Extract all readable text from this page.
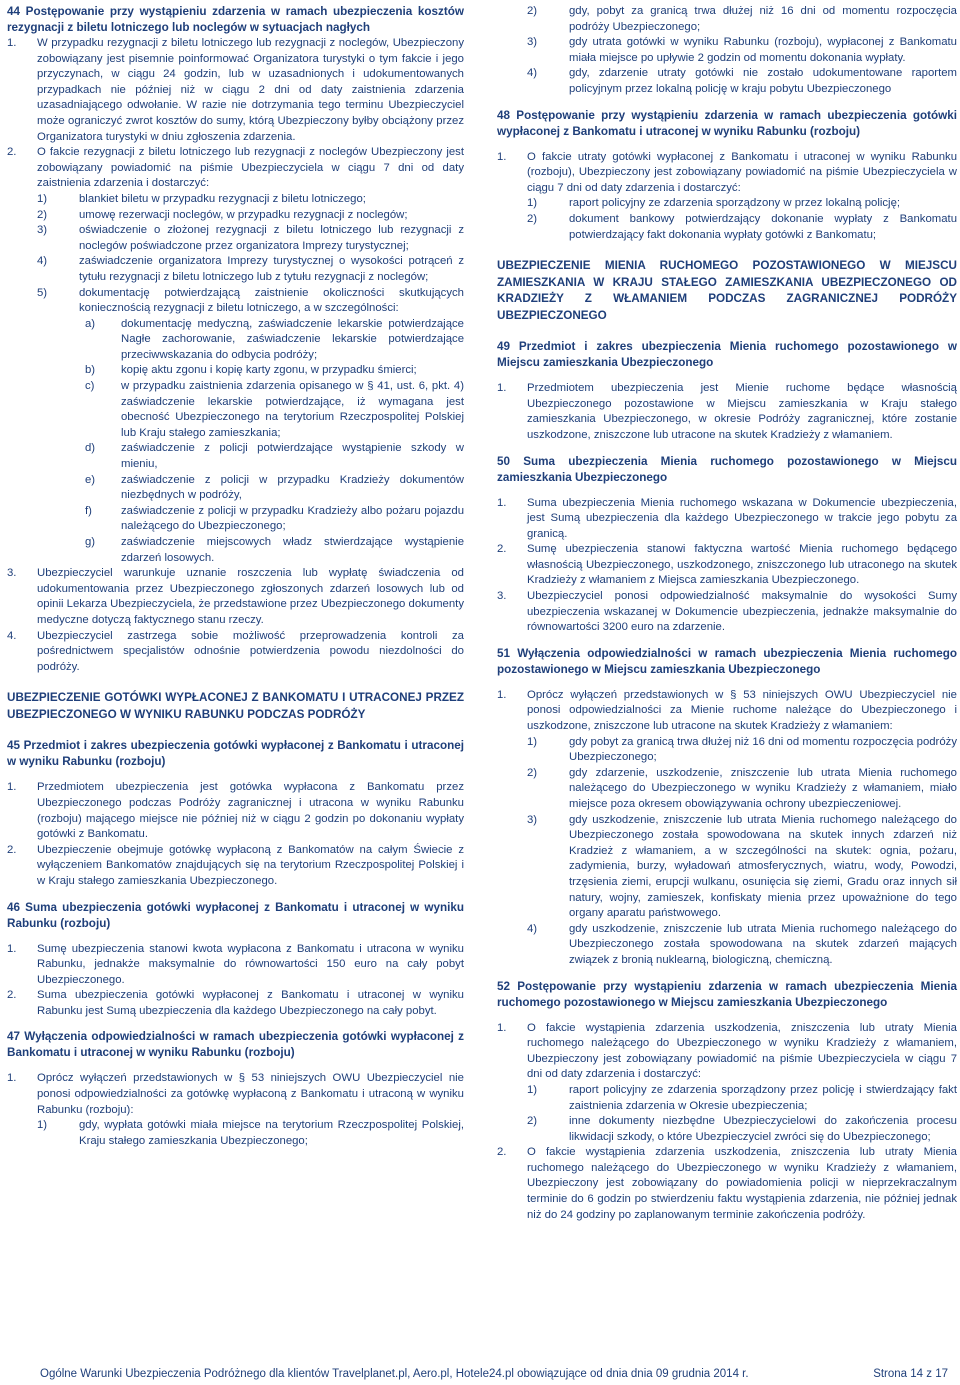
44 Postępowanie przy wystąpieniu zdarzenia w ramach ubezpieczenia kosztów rezygnacji z biletu lotniczego lub noclegów w sytuacjach nagłych

1.	W przypadku rezygnacji z biletu lotniczego lub rezygnacji z noclegów, Ubezpieczony zobowiązany jest pisemnie poinformować Organizatora turystyki o tym fakcie i jego przyczynach, w ciągu 24 godzin, lub w uzasadnionych i udokumentowanych przypadkach nie później niż w ciągu 2 dni od daty zaistnienia zdarzenia uzasadniającego odwołanie. W razie nie dotrzymania tego terminu Ubezpieczyciel może ograniczyć zwrot kosztów do sumy, którą Ubezpieczony byłby obciążony przez Organizatora turystyki w dniu zgłoszenia zdarzenia.
2.	O fakcie rezygnacji z biletu lotniczego lub rezygnacji z noclegów Ubezpieczony jest zobowiązany powiadomić na piśmie Ubezpieczyciela w ciągu 7 dni od daty zaistnienia zdarzenia i dostarczyć:
1)	blankiet biletu w przypadku rezygnacji z biletu lotniczego;
2)	umowę rezerwacji noclegów, w przypadku rezygnacji z noclegów;
3)	oświadczenie o złożonej rezygnacji z biletu lotniczego lub rezygnacji z noclegów poświadczone przez organizatora Imprezy turystycznej;
4)	zaświadczenie organizatora Imprezy turystycznej o wysokości potrąceń z tytułu rezygnacji z biletu lotniczego lub z tytułu rezygnacji z noclegów;
5)	dokumentację potwierdzającą zaistnienie okoliczności skutkujących koniecznością rezygnacji z biletu lotniczego, a w szczególności:
a)	dokumentację medyczną, zaświadczenie lekarskie potwierdzające Nagłe zachorowanie, zaświadczenie lekarskie potwierdzające przeciwwskazania do odbycia podróży;
b)	kopię aktu zgonu i kopię karty zgonu, w przypadku śmierci;
c)	w przypadku zaistnienia zdarzenia opisanego w § 41, ust. 6, pkt. 4) zaświadczenie lekarskie potwierdzające, iż wymagana jest obecność Ubezpieczonego na terytorium Rzeczpospolitej Polskiej lub Kraju stałego zamieszkania;
d)	zaświadczenie z policji potwierdzające wystąpienie szkody w mieniu,
e)	zaświadczenie z policji w przypadku Kradzieży dokumentów niezbędnych w podróży,
f)	zaświadczenie z policji w przypadku Kradzieży albo pożaru pojazdu należącego do Ubezpieczonego;
g)	zaświadczenie miejscowych władz stwierdzające wystąpienie zdarzeń losowych.
3.	Ubezpieczyciel warunkuje uznanie roszczenia lub wypłatę świadczenia od udokumentowania przez Ubezpieczonego zgłoszonych zdarzeń losowych lub od opinii Lekarza Ubezpieczyciela, że przedstawione przez Ubezpieczonego dokumenty medyczne dotyczą faktycznego stanu rzeczy.
4.	Ubezpieczyciel zastrzega sobie możliwość przeprowadzenia kontroli za pośrednictwem specjalistów odnośnie potwierdzenia powodu niezdolności do podróży.

UBEZPIECZENIE GOTÓWKI WYPŁACONEJ Z BANKOMATU I UTRACONEJ PRZEZ UBEZPIECZONEGO W WYNIKU RABUNKU PODCZAS PODRÓŻY

45 Przedmiot i zakres ubezpieczenia gotówki wypłaconej z Bankomatu i utraconej w wyniku Rabunku (rozboju)

1.	Przedmiotem ubezpieczenia jest gotówka wypłacona z Bankomatu przez Ubezpieczonego podczas Podróży zagranicznej i utracona w wyniku Rabunku (rozboju) mającego miejsce nie później niż w ciągu 2 godzin po dokonaniu wypłaty gotówki z Bankomatu.
2.	Ubezpieczenie obejmuje gotówkę wypłaconą z Bankomatów na całym Świecie z wyłączeniem Bankomatów znajdujących się na terytorium Rzeczpospolitej Polskiej i w Kraju stałego zamieszkania Ubezpieczonego.

46 Suma ubezpieczenia gotówki wypłaconej z Bankomatu i utraconej w wyniku Rabunku (rozboju)

1.	Sumę ubezpieczenia stanowi kwota wypłacona z Bankomatu i utracona w wyniku Rabunku, jednakże maksymalnie do równowartości 150 euro na cały pobyt Ubezpieczonego.
2.	Suma ubezpieczenia gotówki wypłaconej z Bankomatu i utraconej w wyniku Rabunku jest Sumą ubezpieczenia dla każdego Ubezpieczonego na cały pobyt.

47 Wyłączenia odpowiedzialności w ramach ubezpieczenia gotówki wypłaconej z Bankomatu i utraconej w wyniku Rabunku (rozboju)

1.	Oprócz wyłączeń przedstawionych w § 53 niniejszych OWU Ubezpieczyciel nie ponosi odpowiedzialności za gotówkę wypłaconą z Bankomatu i utraconą w wyniku Rabunku (rozboju):
1)	gdy, wypłata gotówki miała miejsce na terytorium Rzeczpospolitej Polskiej, Kraju stałego zamieszkania Ubezpieczonego;
2)	gdy, pobyt za granicą trwa dłużej niż 16 dni od momentu rozpoczęcia podróży Ubezpieczonego;
3)	gdy utrata gotówki w wyniku Rabunku (rozboju), wypłaconej z Bankomatu miała miejsce po upływie 2 godzin od momentu dokonania wypłaty.
4)	gdy, zdarzenie utraty gotówki nie zostało udokumentowane raportem policyjnym przez lokalną policję w kraju pobytu Ubezpieczonego

48 Postępowanie przy wystąpieniu zdarzenia w ramach ubezpieczenia gotówki wypłaconej z Bankomatu i utraconej w wyniku Rabunku (rozboju)

1.	O fakcie utraty gotówki wypłaconej z Bankomatu i utraconej w wyniku Rabunku (rozboju), Ubezpieczony jest zobowiązany powiadomić na piśmie Ubezpieczyciela w ciągu 7 dni od daty zdarzenia i dostarczyć:
1)	raport policyjny ze zdarzenia sporządzony w przez lokalną policję;
2)	dokument bankowy potwierdzający dokonanie wypłaty z Bankomatu potwierdzający fakt dokonania wypłaty gotówki z Bankomatu;

UBEZPIECZENIE MIENIA RUCHOMEGO POZOSTAWIONEGO W MIEJSCU ZAMIESZKANIA W KRAJU STAŁEGO ZAMIESZKANIA UBEZPIECZONEGO OD KRADZIEŻY Z WŁAMANIEM PODCZAS ZAGRANICZNEJ PODRÓŻY UBEZPIECZONEGO

49 Przedmiot i zakres ubezpieczenia Mienia ruchomego pozostawionego w Miejscu zamieszkania Ubezpieczonego

1.	Przedmiotem ubezpieczenia jest Mienie ruchome będące własnością Ubezpieczonego pozostawione w Miejscu zamieszkania w Kraju stałego zamieszkania Ubezpieczonego, w okresie Podróży zagranicznej, które zostanie uszkodzone, zniszczone lub utracone na skutek Kradzieży z włamaniem.

50 Suma ubezpieczenia Mienia ruchomego pozostawionego w Miejscu zamieszkania Ubezpieczonego

1.	Suma ubezpieczenia Mienia ruchomego wskazana w Dokumencie ubezpieczenia, jest Sumą ubezpieczenia dla każdego Ubezpieczonego w trakcie jego pobytu za granicą.
2.	Sumę ubezpieczenia stanowi faktyczna wartość Mienia ruchomego będącego własnością Ubezpieczonego, uszkodzonego, zniszczonego lub utraconego na skutek Kradzieży z włamaniem z Miejsca zamieszkania Ubezpieczonego.
3.	Ubezpieczyciel ponosi odpowiedzialność maksymalnie do wysokości Sumy ubezpieczenia wskazanej w Dokumencie ubezpieczenia, jednakże maksymalnie do równowartości 3200 euro na zdarzenie.

51 Wyłączenia odpowiedzialności w ramach ubezpieczenia Mienia ruchomego pozostawionego w Miejscu zamieszkania Ubezpieczonego

1.	Oprócz wyłączeń przedstawionych w § 53 niniejszych OWU Ubezpieczyciel nie ponosi odpowiedzialności za Mienie ruchome należące do Ubezpieczonego i uszkodzone, zniszczone lub utracone na skutek Kradzieży z włamaniem:
1)	gdy pobyt za granicą trwa dłużej niż 16 dni od momentu rozpoczęcia podróży Ubezpieczonego;
2)	gdy zdarzenie, uszkodzenie, zniszczenie lub utrata Mienia ruchomego należącego do Ubezpieczonego w wyniku Kradzieży z włamaniem, miało miejsce poza okresem obowiązywania ochrony ubezpieczeniowej.
3)	gdy uszkodzenie, zniszczenie lub utrata Mienia ruchomego należącego do Ubezpieczonego została spowodowana na skutek innych zdarzeń niż Kradzież z włamaniem, a w szczególności na skutek: ognia, pożaru, zadymienia, burzy, wyładowań atmosferycznych, wiatru, wody, Powodzi, trzęsienia ziemi, erupcji wulkanu, osunięcia się ziemi, Gradu oraz innych sił natury, wojny, zamieszek, konfiskaty mienia przez upoważnione do tego organy aparatu państwowego.
4)	gdy uszkodzenie, zniszczenie lub utrata Mienia ruchomego należącego do Ubezpieczonego została spowodowana na skutek zdarzeń mających związek z bronią nuklearną, biologiczną, chemiczną.

52 Postępowanie przy wystąpieniu zdarzenia w ramach ubezpieczenia Mienia ruchomego pozostawionego w Miejscu zamieszkania Ubezpieczonego

1.	O fakcie wystąpienia zdarzenia uszkodzenia, zniszczenia lub utraty Mienia ruchomego należącego do Ubezpieczonego w wyniku Kradzieży z włamaniem, Ubezpieczony jest zobowiązany powiadomić na piśmie Ubezpieczyciela w ciągu 7 dni od daty zdarzenia i dostarczyć:
1)	raport policyjny ze zdarzenia sporządzony przez policję i stwierdzający fakt zaistnienia zdarzenia w Okresie ubezpieczenia;
2)	inne dokumenty niezbędne Ubezpieczycielowi do zakończenia procesu likwidacji szkody, o które Ubezpieczyciel zwróci się do Ubezpieczonego;
2.	O fakcie wystąpienia zdarzenia uszkodzenia, zniszczenia lub utraty Mienia ruchomego należącego do Ubezpieczonego w wyniku Kradzieży z włamaniem, Ubezpieczony jest zobowiązany do powiadomienia policji w nieprzekraczalnym terminie do 6 godzin po stwierdzeniu faktu wystąpienia zdarzenia, nie później jednak niż do 24 godziny po zaplanowanym terminie zakończenia podróży.
Ogólne Warunki Ubezpieczenia Podróżnego dla klientów Travelplanet.pl, Aero.pl, Hotele24.pl obowiązujące od dnia dnia 09 grudnia 2014 r.	Strona 14 z 17
